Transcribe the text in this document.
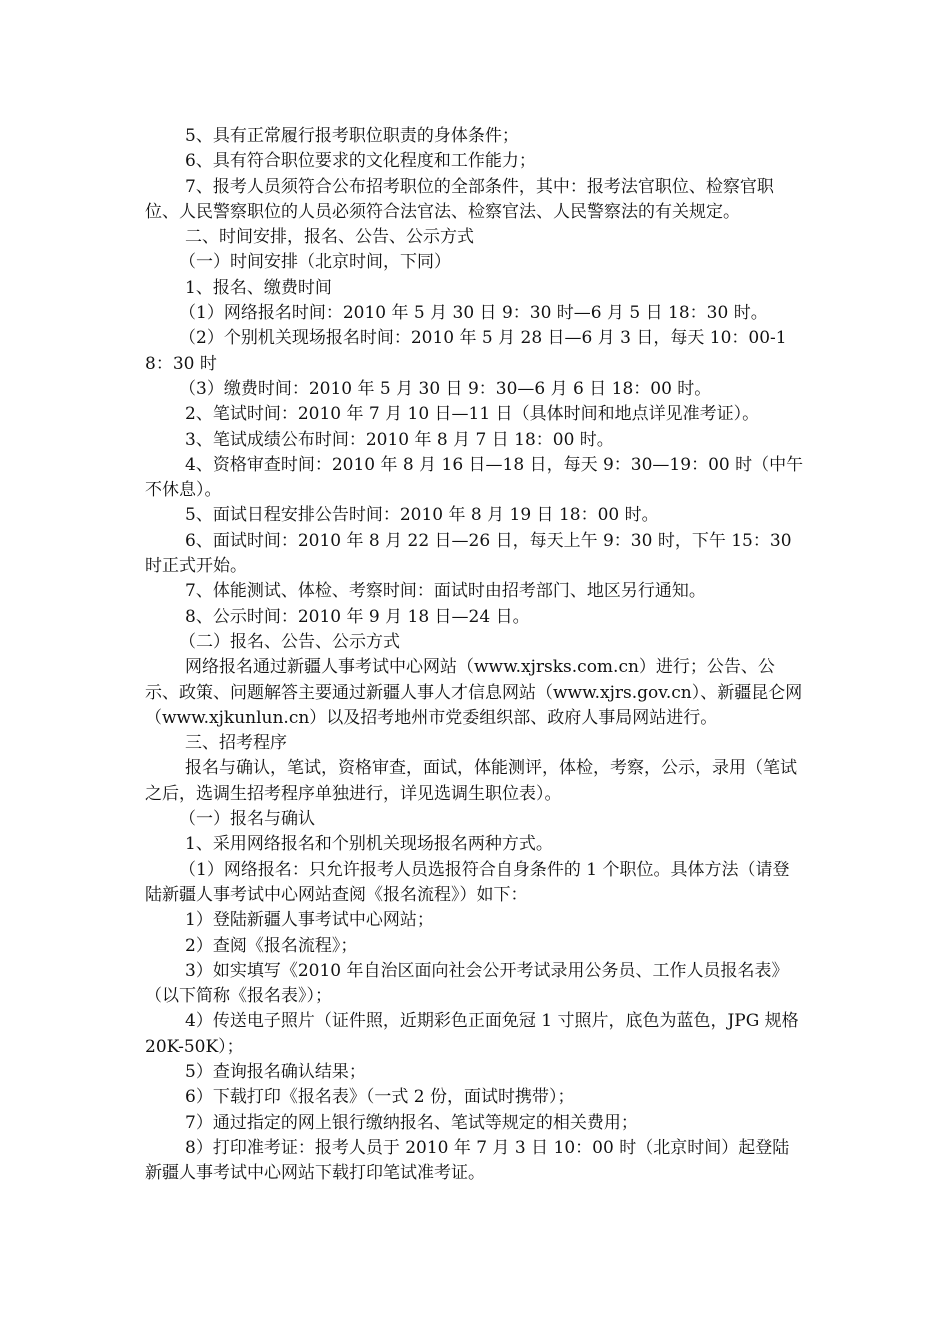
5、具有正常履行报考职位职责的身体条件；

6、具有符合职位要求的文化程度和工作能力；

7、报考人员须符合公布招考职位的全部条件，其中：报考法官职位、检察官职位、人民警察职位的人员必须符合法官法、检察官法、人民警察法的有关规定。

二、时间安排，报名、公告、公示方式

（一）时间安排（北京时间，下同）

1、报名、缴费时间

（1）网络报名时间：2010 年 5 月 30 日 9：30 时—6 月 5 日 18：30 时。

（2）个别机关现场报名时间：2010 年 5 月 28 日—6 月 3 日，每天 10：00-18：30 时

（3）缴费时间：2010 年 5 月 30 日 9：30—6 月 6 日 18：00 时。

2、笔试时间：2010 年 7 月 10 日—11 日（具体时间和地点详见准考证）。

3、笔试成绩公布时间：2010 年 8 月 7 日 18：00 时。

4、资格审查时间：2010 年 8 月 16 日—18 日，每天 9：30—19：00 时（中午不休息）。

5、面试日程安排公告时间：2010 年 8 月 19 日 18：00 时。

6、面试时间：2010 年 8 月 22 日—26 日，每天上午 9：30 时，下午 15：30 时正式开始。

7、体能测试、体检、考察时间：面试时由招考部门、地区另行通知。

8、公示时间：2010 年 9 月 18 日—24 日。

（二）报名、公告、公示方式

网络报名通过新疆人事考试中心网站（www.xjrsks.com.cn）进行；公告、公示、政策、问题解答主要通过新疆人事人才信息网站（www.xjrs.gov.cn）、新疆昆仑网（www.xjkunlun.cn）以及招考地州市党委组织部、政府人事局网站进行。

三、招考程序

报名与确认，笔试，资格审查，面试，体能测评，体检，考察，公示，录用（笔试之后，选调生招考程序单独进行，详见选调生职位表）。

（一）报名与确认

1、采用网络报名和个别机关现场报名两种方式。

（1）网络报名：只允许报考人员选报符合自身条件的 1 个职位。具体方法（请登陆新疆人事考试中心网站查阅《报名流程》）如下：

1）登陆新疆人事考试中心网站；

2）查阅《报名流程》；

3）如实填写《2010 年自治区面向社会公开考试录用公务员、工作人员报名表》（以下简称《报名表》）；

4）传送电子照片（证件照，近期彩色正面免冠 1 寸照片，底色为蓝色，JPG 规格 20K-50K）；

5）查询报名确认结果；

6）下载打印《报名表》（一式 2 份，面试时携带）；

7）通过指定的网上银行缴纳报名、笔试等规定的相关费用；

8）打印准考证：报考人员于 2010 年 7 月 3 日 10：00 时（北京时间）起登陆新疆人事考试中心网站下载打印笔试准考证。
